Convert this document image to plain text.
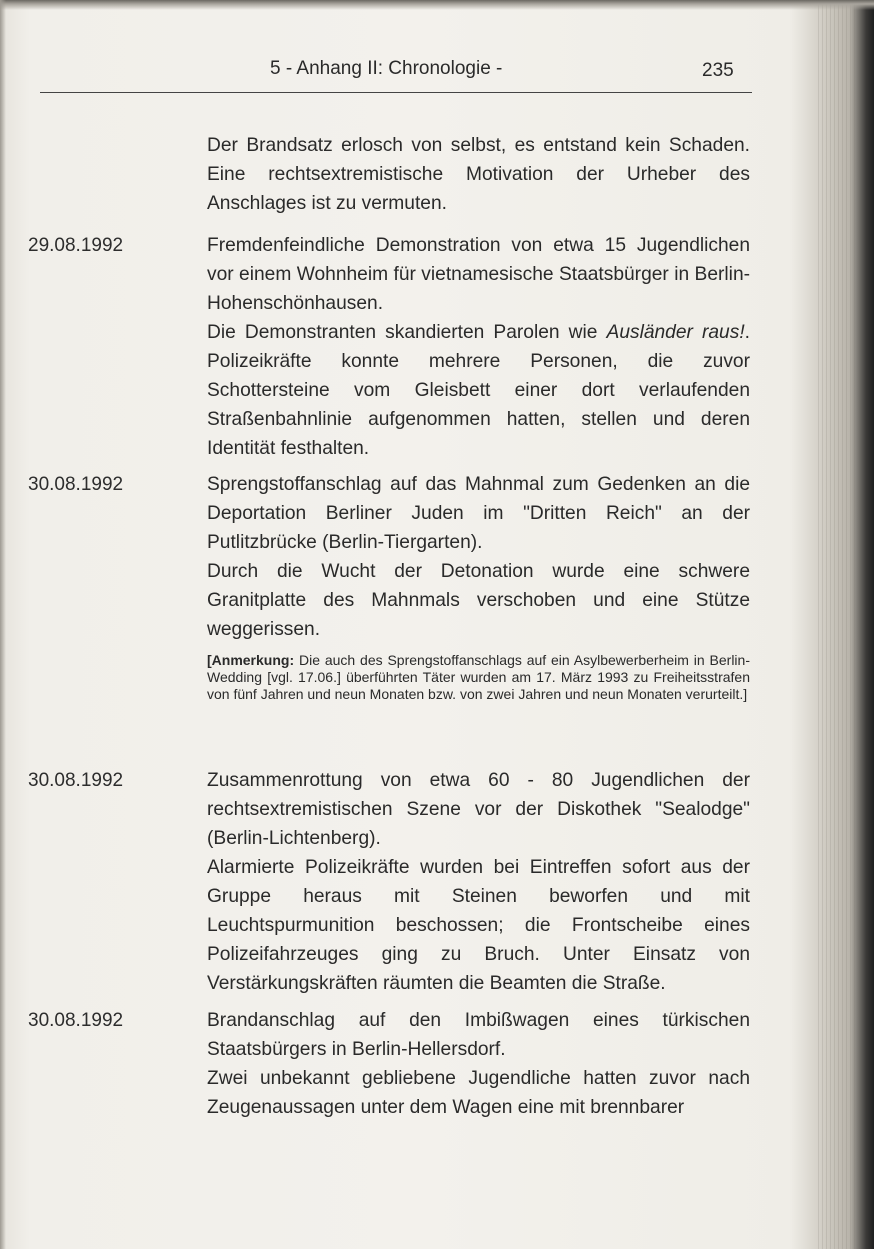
5 - Anhang II: Chronologie -	235

Der Brandsatz erlosch von selbst, es entstand kein Schaden. Eine rechtsextremistische Motivation der Urheber des Anschlages ist zu vermuten.

29.08.1992	Fremdenfeindliche Demonstration von etwa 15 Jugendlichen vor einem Wohnheim für vietnamesische Staatsbürger in Berlin-Hohenschönhausen.

Die Demonstranten skandierten Parolen wie Ausländer raus!. Polizeikräfte konnte mehrere Personen, die zuvor Schottersteine vom Gleisbett einer dort verlaufenden Straßenbahnlinie aufgenommen hatten, stellen und deren Identität festhalten.

30.08.1992	Sprengstoffanschlag auf das Mahnmal zum Gedenken an die Deportation Berliner Juden im "Dritten Reich" an der Putlitzbrücke (Berlin-Tiergarten).

Durch die Wucht der Detonation wurde eine schwere Granitplatte des Mahnmals verschoben und eine Stütze weggerissen.

[Anmerkung: Die auch des Sprengstoffanschlags auf ein Asylbewerberheim in Berlin-Wedding [vgl. 17.06.] überführten Täter wurden am 17. März 1993 zu Freiheitsstrafen von fünf Jahren und neun Monaten bzw. von zwei Jahren und neun Monaten verurteilt.]

30.08.1992	Zusammenrottung von etwa 60 - 80 Jugendlichen der rechtsextremistischen Szene vor der Diskothek "Sealodge" (Berlin-Lichtenberg).

Alarmierte Polizeikräfte wurden bei Eintreffen sofort aus der Gruppe heraus mit Steinen beworfen und mit Leuchtspurmunition beschossen; die Frontscheibe eines Polizeifahrzeuges ging zu Bruch. Unter Einsatz von Verstärkungskräften räumten die Beamten die Straße.

30.08.1992	Brandanschlag auf den Imbißwagen eines türkischen Staatsbürgers in Berlin-Hellersdorf.

Zwei unbekannt gebliebene Jugendliche hatten zuvor nach Zeugenaussagen unter dem Wagen eine mit brennbarer
